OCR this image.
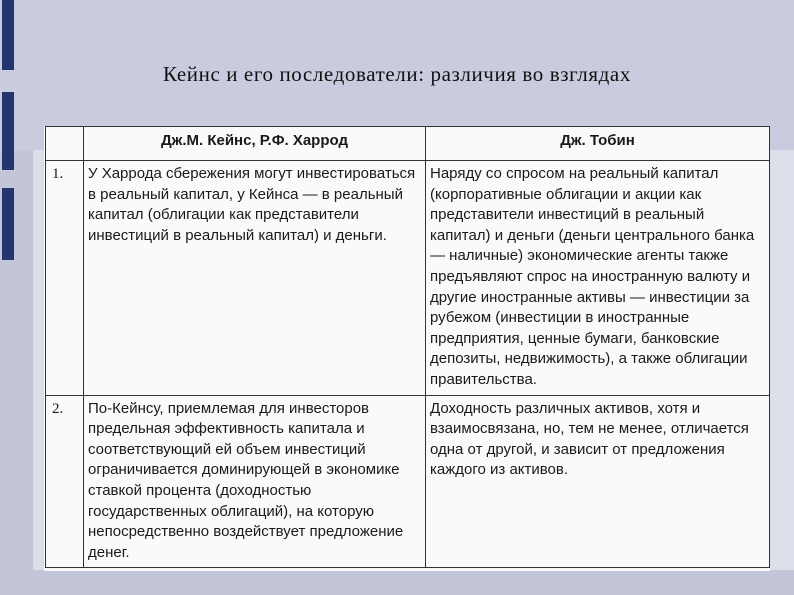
Кейнс и его последователи: различия во взглядах
	Дж.М. Кейнс, Р.Ф. Харрод	Дж. Тобин
1.	У Харрода сбережения могут инвестироваться в реальный капитал, у Кейнса — в реальный капитал (облигации как представители инвестиций в реальный капитал) и деньги.	Наряду со спросом на реальный капитал (корпоративные облигации и акции как представители инвестиций в реальный капитал) и деньги (деньги центрального банка — наличные) экономические агенты также предъявляют спрос на иностранную валюту и другие иностранные активы — инвестиции за рубежом (инвестиции в иностранные предприятия, ценные бумаги, банковские депозиты, недвижимость), а также облигации правительства.
2.	По-Кейнсу, приемлемая для инвесторов предельная эффективность капитала и соответствующий ей объем инвестиций ограничивается доминирующей в экономике ставкой процента (доходностью государственных облигаций), на которую непосредственно воздействует предложение денег.	Доходность различных активов, хотя и взаимосвязана, но, тем не менее, отличается одна от другой, и зависит от предложения каждого из активов.
